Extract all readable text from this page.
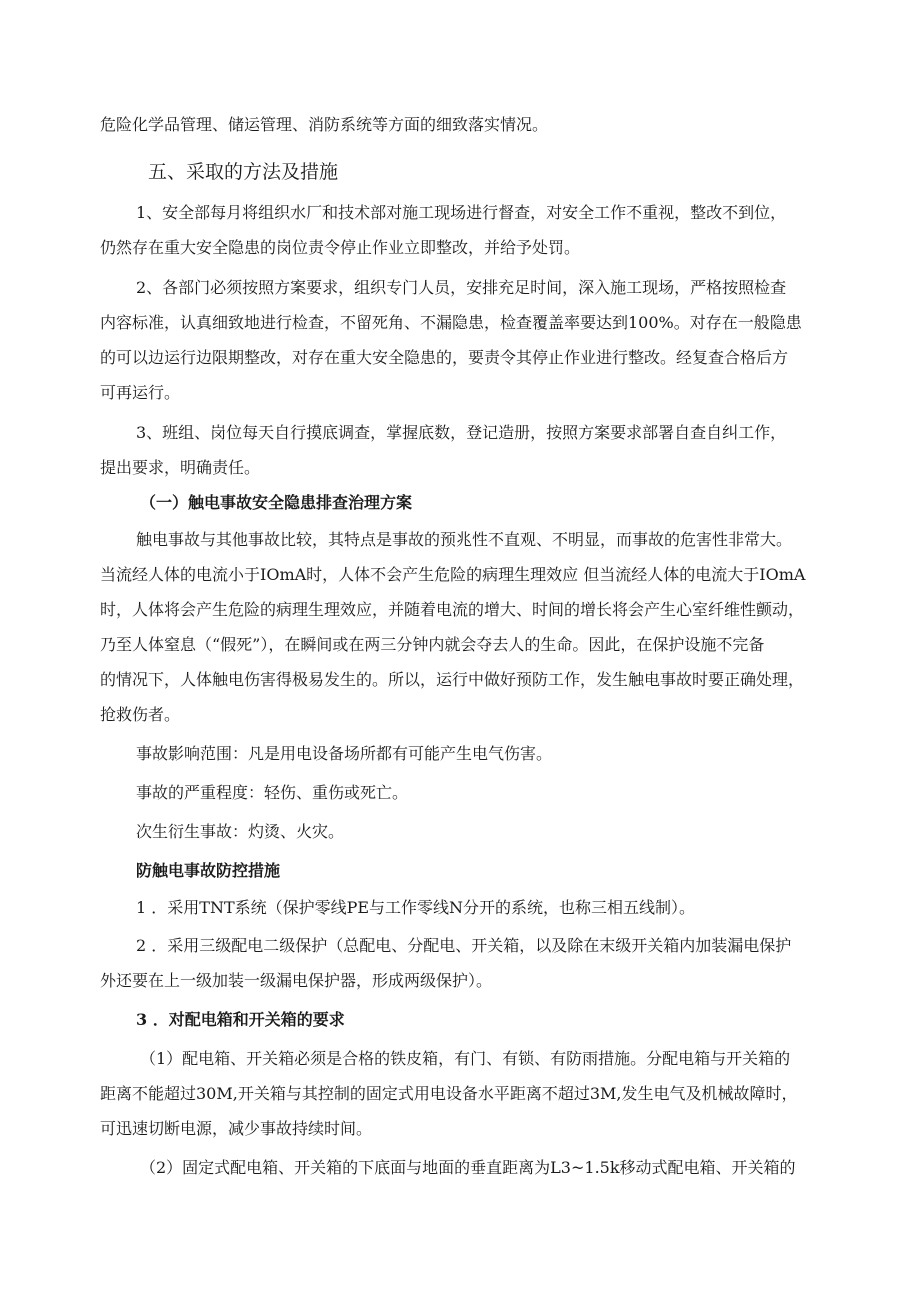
危险化学品管理、储运管理、消防系统等方面的细致落实情况。
五、采取的方法及措施
1、安全部每月将组织水厂和技术部对施工现场进行督查，对安全工作不重视，整改不到位，
仍然存在重大安全隐患的岗位责令停止作业立即整改，并给予处罚。
2、各部门必须按照方案要求，组织专门人员，安排充足时间，深入施工现场，严格按照检查
内容标准，认真细致地进行检查，不留死角、不漏隐患，检查覆盖率要达到100%。对存在一般隐患
的可以边运行边限期整改，对存在重大安全隐患的，要责令其停止作业进行整改。经复查合格后方
可再运行。
3、班组、岗位每天自行摸底调查，掌握底数，登记造册，按照方案要求部署自查自纠工作，
提出要求，明确责任。
（一）触电事故安全隐患排查治理方案
触电事故与其他事故比较，其特点是事故的预兆性不直观、不明显，而事故的危害性非常大。
当流经人体的电流小于IOmA时，人体不会产生危险的病理生理效应 但当流经人体的电流大于IOmA
时，人体将会产生危险的病理生理效应，并随着电流的增大、时间的增长将会产生心室纤维性颤动，
乃至人体窒息（“假死”），在瞬间或在两三分钟内就会夺去人的生命。因此，在保护设施不完备
的情况下，人体触电伤害得极易发生的。所以，运行中做好预防工作，发生触电事故时要正确处理，
抢救伤者。
事故影响范围：凡是用电设备场所都有可能产生电气伤害。
事故的严重程度：轻伤、重伤或死亡。
次生衍生事故：灼烫、火灾。
防触电事故防控措施
1 ．采用TNT系统（保护零线PE与工作零线N分开的系统，也称三相五线制）。
2 ．采用三级配电二级保护（总配电、分配电、开关箱，以及除在末级开关箱内加装漏电保护
外还要在上一级加装一级漏电保护器，形成两级保护）。
3 ．对配电箱和开关箱的要求
（1）配电箱、开关箱必须是合格的铁皮箱，有门、有锁、有防雨措施。分配电箱与开关箱的
距离不能超过30M,开关箱与其控制的固定式用电设备水平距离不超过3M,发生电气及机械故障时，
可迅速切断电源，减少事故持续时间。
（2）固定式配电箱、开关箱的下底面与地面的垂直距离为L3~1.5k移动式配电箱、开关箱的
